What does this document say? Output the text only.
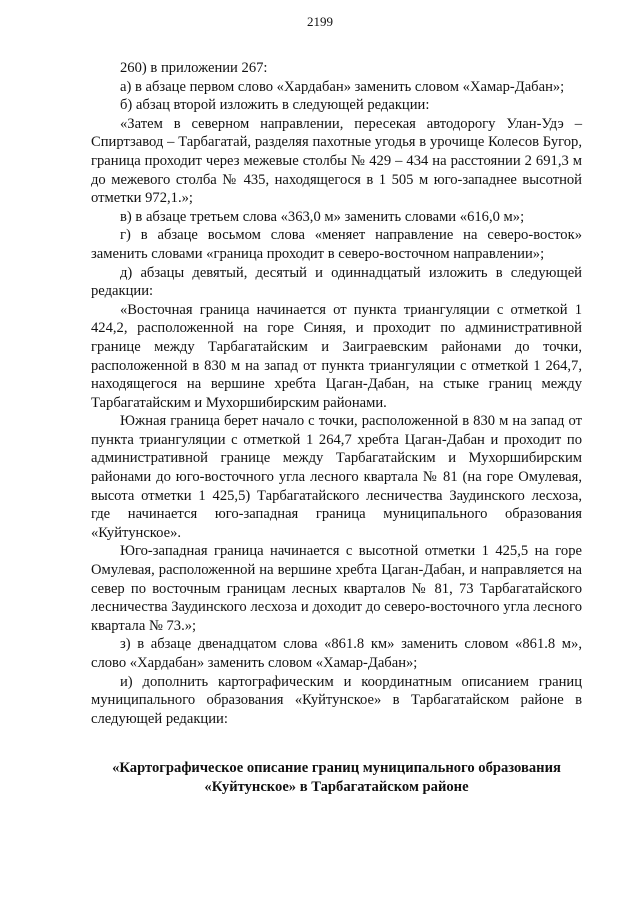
2199

260) в приложении 267:

а) в абзаце первом слово «Хардабан» заменить словом «Хамар-Дабан»;

б) абзац второй изложить в следующей редакции:

«Затем в северном направлении, пересекая автодорогу Улан-Удэ – Спиртзавод – Тарбагатай, разделяя пахотные угодья в урочище Колесов Бугор, граница проходит через межевые столбы № 429 – 434 на расстоянии 2 691,3 м до межевого столба № 435, находящегося в 1 505 м юго-западнее высотной отметки 972,1.»;

в) в абзаце третьем слова «363,0 м» заменить словами «616,0 м»;

г) в абзаце восьмом слова «меняет направление на северо-восток» заменить словами «граница проходит в северо-восточном направлении»;

д) абзацы девятый, десятый и одиннадцатый изложить в следующей редакции:

«Восточная граница начинается от пункта триангуляции с отметкой 1 424,2, расположенной на горе Синяя, и проходит по административной границе между Тарбагатайским и Заиграевским районами до точки, расположенной в 830 м на запад от пункта триангуляции с отметкой 1 264,7, находящегося на вершине хребта Цаган-Дабан, на стыке границ между Тарбагатайским и Мухоршибирским районами.

Южная граница берет начало с точки, расположенной в 830 м на запад от пункта триангуляции с отметкой 1 264,7 хребта Цаган-Дабан и проходит по административной границе между Тарбагатайским и Мухоршибирским районами до юго-восточного угла лесного квартала № 81 (на горе Омулевая, высота отметки 1 425,5) Тарбагатайского лесничества Заудинского лесхоза, где начинается юго-западная граница муниципального образования «Куйтунское».

Юго-западная граница начинается с высотной отметки 1 425,5 на горе Омулевая, расположенной на вершине хребта Цаган-Дабан, и направляется на север по восточным границам лесных кварталов № 81, 73 Тарбагатайского лесничества Заудинского лесхоза и доходит до северо-восточного угла лесного квартала № 73.»;

з) в абзаце двенадцатом слова «861.8 км» заменить словом «861.8 м», слово «Хардабан» заменить словом «Хамар-Дабан»;

и) дополнить картографическим и координатным описанием границ муниципального образования «Куйтунское» в Тарбагатайском районе в следующей редакции:

«Картографическое описание границ муниципального образования
«Куйтунское» в Тарбагатайском районе
